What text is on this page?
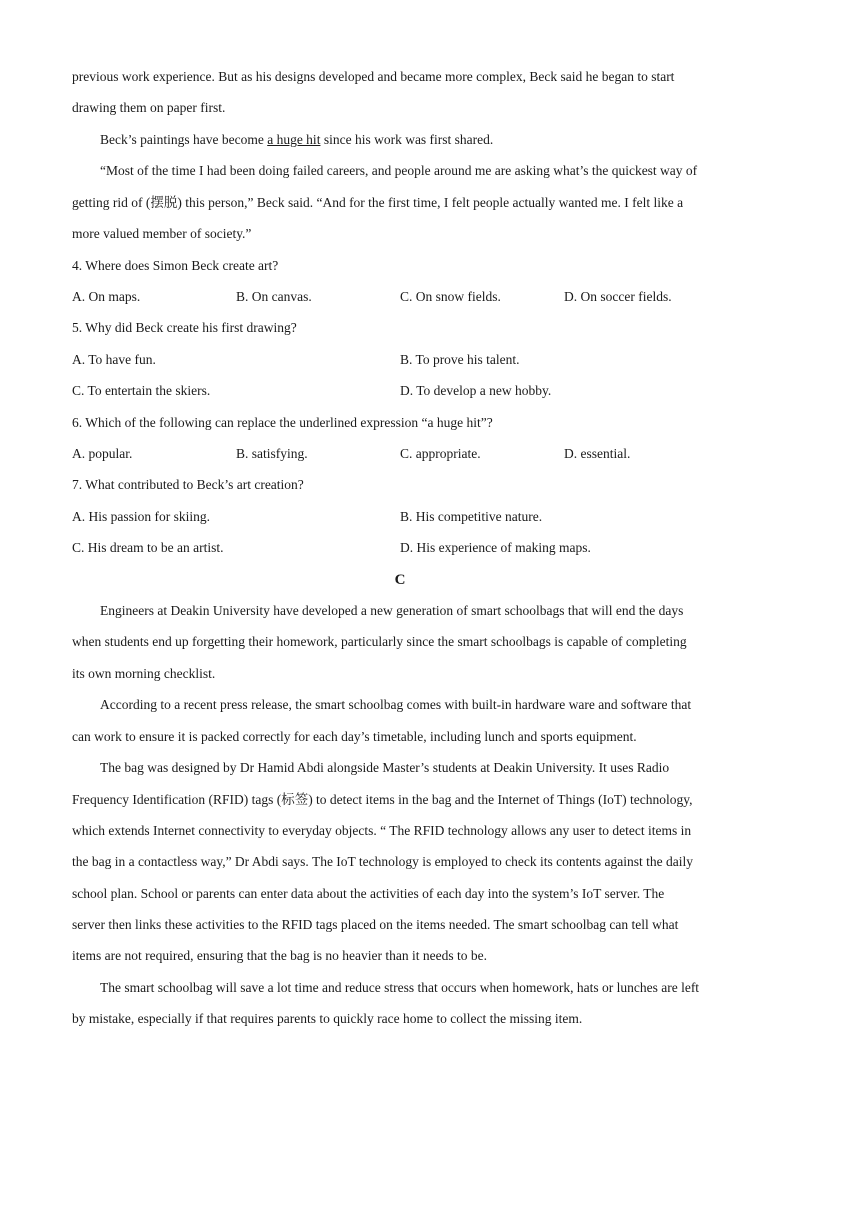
previous work experience. But as his designs developed and became more complex, Beck said he began to start
drawing them on paper first.
Beck’s paintings have become a huge hit since his work was first shared.
“Most of the time I had been doing failed careers, and people around me are asking what’s the quickest way of
getting rid of (摆脱) this person,” Beck said. “And for the first time, I felt people actually wanted me. I felt like a
more valued member of society.”
4. Where does Simon Beck create art?
A. On maps.	B. On canvas.	C. On snow fields.	D. On soccer fields.
5. Why did Beck create his first drawing?
A. To have fun.	B. To prove his talent.
C. To entertain the skiers.	D. To develop a new hobby.
6. Which of the following can replace the underlined expression “a huge hit”?
A. popular.	B. satisfying.	C. appropriate.	D. essential.
7. What contributed to Beck’s art creation?
A. His passion for skiing.	B. His competitive nature.
C. His dream to be an artist.	D. His experience of making maps.
C
Engineers at Deakin University have developed a new generation of smart schoolbags that will end the days
when students end up forgetting their homework, particularly since the smart schoolbags is capable of completing
its own morning checklist.
According to a recent press release, the smart schoolbag comes with built-in hardware ware and software that
can work to ensure it is packed correctly for each day’s timetable, including lunch and sports equipment.
The bag was designed by Dr Hamid Abdi alongside Master’s students at Deakin University. It uses Radio
Frequency Identification (RFID) tags (标签) to detect items in the bag and the Internet of Things (IoT) technology,
which extends Internet connectivity to everyday objects. “ The RFID technology allows any user to detect items in
the bag in a contactless way,” Dr Abdi says. The IoT technology is employed to check its contents against the daily
school plan. School or parents can enter data about the activities of each day into the system’s IoT server. The
server then links these activities to the RFID tags placed on the items needed. The smart schoolbag can tell what
items are not required, ensuring that the bag is no heavier than it needs to be.
The smart schoolbag will save a lot time and reduce stress that occurs when homework, hats or lunches are left
by mistake, especially if that requires parents to quickly race home to collect the missing item.
